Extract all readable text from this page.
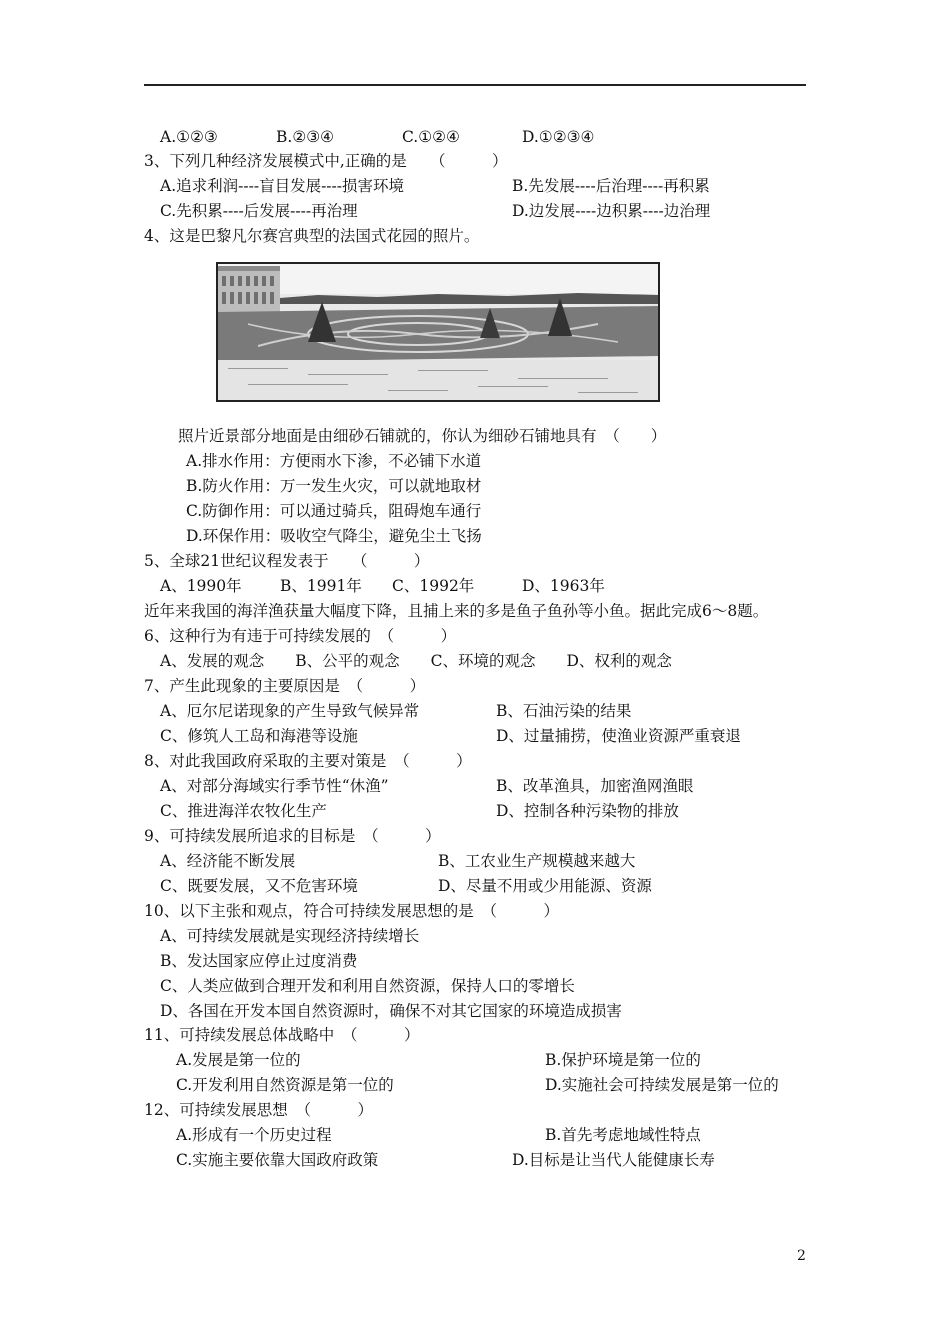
A.①②③	B.②③④	C.①②④	D.①②③④
3、下列几种经济发展模式中,正确的是　　（　　　）
A.追求利润----盲目发展----损害环境	B.先发展----后治理----再积累
C.先积累----后发展----再治理	D.边发展----边积累----边治理
4、这是巴黎凡尔赛宫典型的法国式花园的照片。
照片近景部分地面是由细砂石铺就的，你认为细砂石铺地具有　（　　）
A.排水作用：方便雨水下渗，不必铺下水道
B.防火作用：万一发生火灾，可以就地取材
C.防御作用：可以通过骑兵，阻碍炮车通行
D.环保作用：吸收空气降尘，避免尘土飞扬
5、全球21世纪议程发表于　　（　　　）
A、1990年 B、1991年 C、1992年	D、1963年
近年来我国的海洋渔获量大幅度下降，且捕上来的多是鱼子鱼孙等小鱼。据此完成6～8题。
6、这种行为有违于可持续发展的　（　　　）
A、发展的观念　　B、公平的观念　　C、环境的观念　　D、权利的观念
7、产生此现象的主要原因是　（　　　）
A、厄尔尼诺现象的产生导致气候异常	B、石油污染的结果
C、修筑人工岛和海港等设施	D、过量捕捞，使渔业资源严重衰退
8、对此我国政府采取的主要对策是　（　　　）
A、对部分海域实行季节性“休渔”	B、改革渔具，加密渔网渔眼
C、推进海洋农牧化生产	D、控制各种污染物的排放
9、可持续发展所追求的目标是　（　　　）
A、经济能不断发展	B、工农业生产规模越来越大
C、既要发展，又不危害环境	D、尽量不用或少用能源、资源
10、以下主张和观点，符合可持续发展思想的是　（　　　）
A、可持续发展就是实现经济持续增长
B、发达国家应停止过度消费
C、人类应做到合理开发和利用自然资源，保持人口的零增长
D、各国在开发本国自然资源时，确保不对其它国家的环境造成损害
11、可持续发展总体战略中　（　　　）
A.发展是第一位的	B.保护环境是第一位的
C.开发利用自然资源是第一位的	D.实施社会可持续发展是第一位的
12、可持续发展思想　（　　　）
A.形成有一个历史过程	B.首先考虑地域性特点
C.实施主要依靠大国政府政策	D.目标是让当代人能健康长寿
2
